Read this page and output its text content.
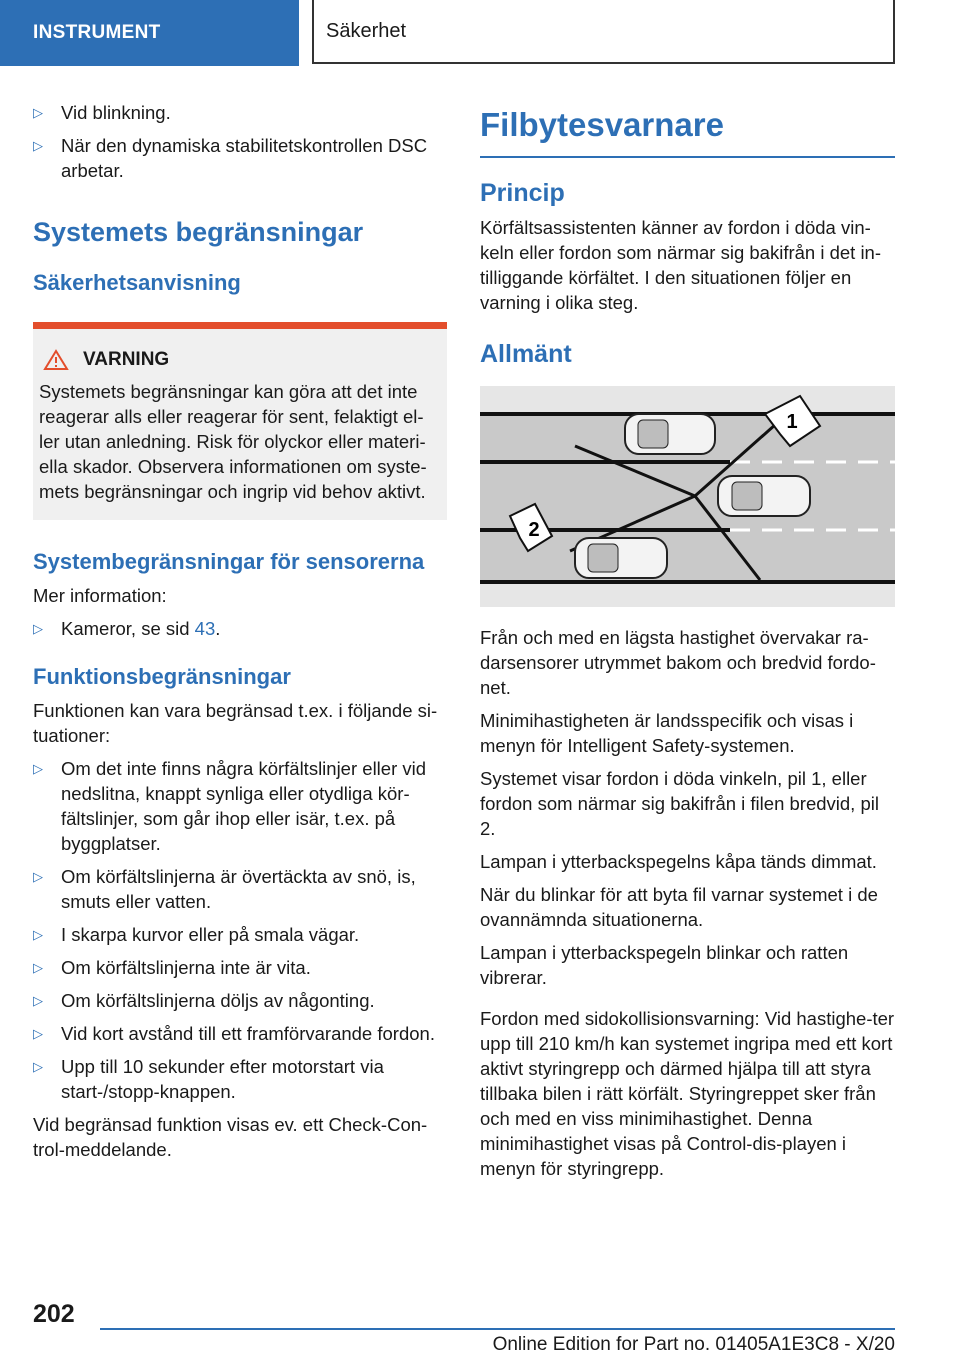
INSTRUMENT	Säkerhet
▷ Vid blinkning.
▷ När den dynamiska stabilitetskontrollen DSC arbetar.
Systemets begränsningar
Säkerhetsanvisning
VARNING
Systemets begränsningar kan göra att det inte reagerar alls eller reagerar för sent, felaktigt el-ler utan anledning. Risk för olyckor eller materi-ella skador. Observera informationen om syste-mets begränsningar och ingrip vid behov aktivt.
Systembegränsningar för sensorerna

Mer information:

▷ Kameror, se sid 43.
Funktionsbegränsningar

Funktionen kan vara begränsad t.ex. i följande si-tuationer:

▷ Om det inte finns några körfältslinjer eller vid nedslitna, knappt synliga eller otydliga kör-fältslinjer, som går ihop eller isär, t.ex. på byggplatser.
▷ Om körfältslinjerna är övertäckta av snö, is, smuts eller vatten.
▷ I skarpa kurvor eller på smala vägar.
▷ Om körfältslinjerna inte är vita.
▷ Om körfältslinjerna döljs av någonting.
▷ Vid kort avstånd till ett framförvarande fordon.
▷ Upp till 10 sekunder efter motorstart via start-/stopp-knappen.

Vid begränsad funktion visas ev. ett Check-Con-trol-meddelande.

Filbytesvarnare
Princip

Körfältsassistenten känner av fordon i döda vin-keln eller fordon som närmar sig bakifrån i det in-tilliggande körfältet. I den situationen följer en varning i olika steg.

Allmänt
1
2

Från och med en lägsta hastighet övervakar ra-darsensorer utrymmet bakom och bredvid fordo-net.

Minimihastigheten är landsspecifik och visas i menyn för Intelligent Safety-systemen.

Systemet visar fordon i döda vinkeln, pil 1, eller fordon som närmar sig bakifrån i filen bredvid, pil 2.

Lampan i ytterbackspegelns kåpa tänds dimmat.

När du blinkar för att byta fil varnar systemet i de ovannämnda situationerna.

Lampan i ytterbackspegeln blinkar och ratten vibrerar.

Fordon med sidokollisionsvarning: Vid hastighe-ter upp till 210 km/h kan systemet ingripa med ett kort aktivt styringrepp och därmed hjälpa till att styra tillbaka bilen i rätt körfält. Styringreppet sker från och med en viss minimihastighet. Denna minimihastighet visas på Control-dis-playen i menyn för styringrepp.

202
Online Edition for Part no. 01405A1E3C8 - X/20
